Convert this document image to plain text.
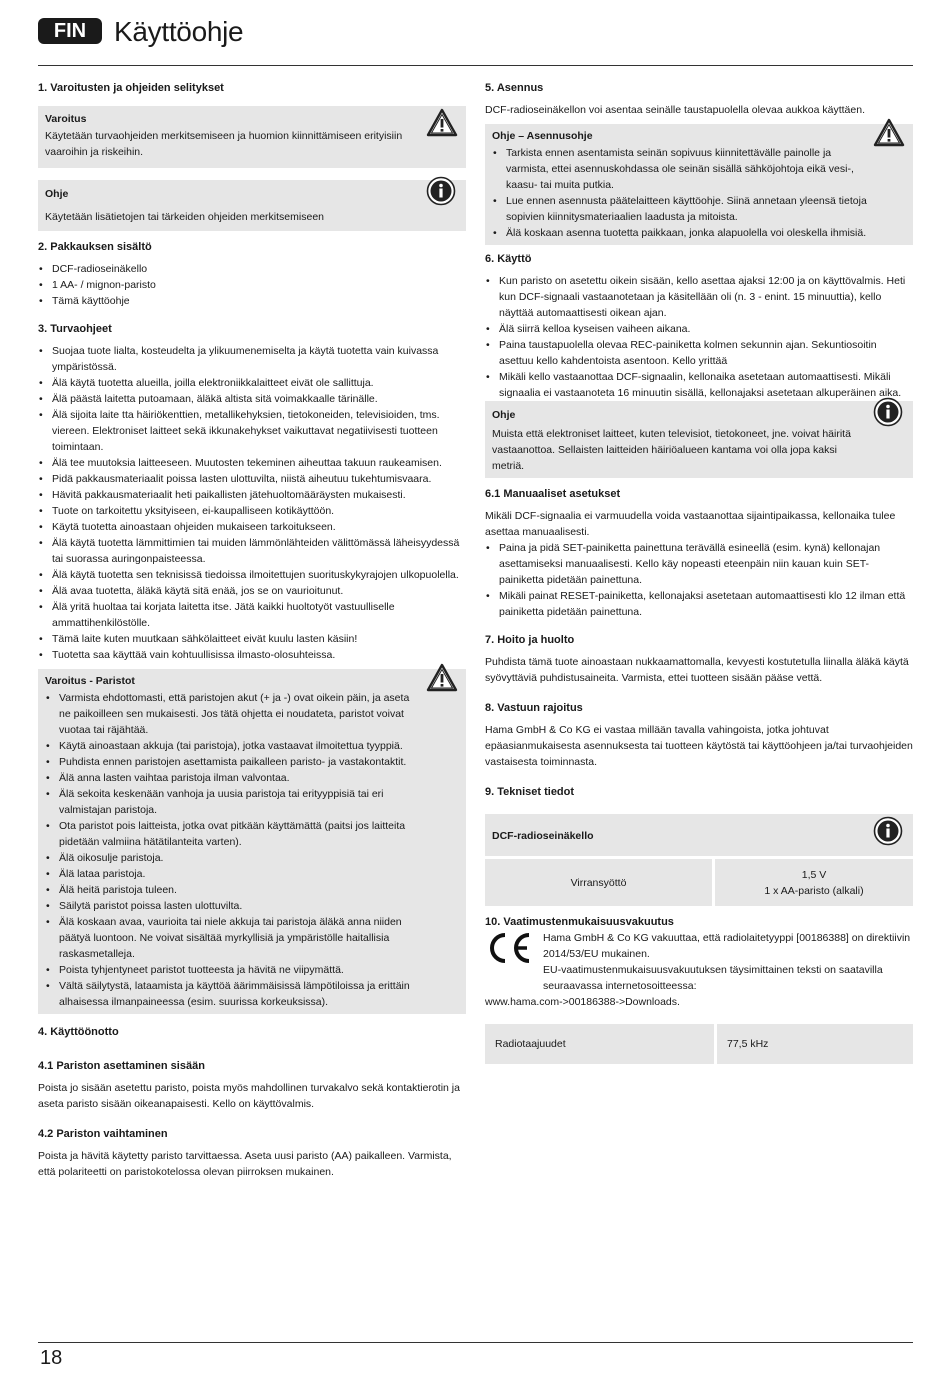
FIN Käyttöohje
1. Varoitusten ja ohjeiden selitykset
Varoitus

Käytetään turvaohjeiden merkitsemiseen ja huomion kiinnittämiseen erityisiin vaaroihin ja riskeihin.

Ohje

Käytetään lisätietojen tai tärkeiden ohjeiden merkitsemiseen

2. Pakkauksen sisältö
• DCF-radioseinäkello
• 1 AA- / mignon-paristo
• Tämä käyttöohje
3. Turvaohjeet
• Suojaa tuote lialta, kosteudelta ja ylikuumenemiselta ja käytä tuotetta vain kuivassa ympäristössä.
• Älä käytä tuotetta alueilla, joilla elektroniikkalaitteet eivät ole sallittuja.
• Älä päästä laitetta putoamaan, äläkä altista sitä voimakkaalle tärinälle.
• Älä sijoita laite tta häiriökenttien, metallikehyksien, tietokoneiden, televisioiden, tms. viereen. Elektroniset laitteet sekä ikkunakehykset vaikuttavat negatiivisesti tuotteen toimintaan.
• Älä tee muutoksia laitteeseen. Muutosten tekeminen aiheuttaa takuun raukeamisen.
• Pidä pakkausmateriaalit poissa lasten ulottuvilta, niistä aiheutuu tukehtumisvaara.
• Hävitä pakkausmateriaalit heti paikallisten jätehuoltomääräysten mukaisesti.
• Tuote on tarkoitettu yksityiseen, ei-kaupalliseen kotikäyttöön.
• Käytä tuotetta ainoastaan ohjeiden mukaiseen tarkoitukseen.
• Älä käytä tuotetta lämmittimien tai muiden lämmönlähteiden välittömässä läheisyydessä tai suorassa auringonpaisteessa.
• Älä käytä tuotetta sen teknisissä tiedoissa ilmoitettujen suorituskykyrajojen ulkopuolella.
• Älä avaa tuotetta, äläkä käytä sitä enää, jos se on vaurioitunut.
• Älä yritä huoltaa tai korjata laitetta itse. Jätä kaikki huoltotyöt vastuulliselle ammattihenkilöstölle.
• Tämä laite kuten muutkaan sähkölaitteet eivät kuulu lasten käsiin!
• Tuotetta saa käyttää vain kohtuullisissa ilmasto-olosuhteissa.
Varoitus - Paristot
• Varmista ehdottomasti, että paristojen akut (+ ja -) ovat oikein päin, ja aseta ne paikoilleen sen mukaisesti. Jos tätä ohjetta ei noudateta, paristot voivat vuotaa tai räjähtää.
• Käytä ainoastaan akkuja (tai paristoja), jotka vastaavat ilmoitettua tyyppiä.
• Puhdista ennen paristojen asettamista paikalleen paristo- ja vastakontaktit.
• Älä anna lasten vaihtaa paristoja ilman valvontaa.
• Älä sekoita keskenään vanhoja ja uusia paristoja tai erityyppisiä tai eri valmistajan paristoja.
• Ota paristot pois laitteista, jotka ovat pitkään käyttämättä (paitsi jos laitteita pidetään valmiina hätätilanteita varten).
• Älä oikosulje paristoja.
• Älä lataa paristoja.
• Älä heitä paristoja tuleen.
• Säilytä paristot poissa lasten ulottuvilta.
• Älä koskaan avaa, vaurioita tai niele akkuja tai paristoja äläkä anna niiden päätyä luontoon. Ne voivat sisältää myrkyllisiä ja ympäristölle haitallisia raskasmetalleja.
• Poista tyhjentyneet paristot tuotteesta ja hävitä ne viipymättä.
• Vältä säilytystä, lataamista ja käyttöä äärimmäisissä lämpötiloissa ja erittäin alhaisessa ilmanpaineessa (esim. suurissa korkeuksissa).
4. Käyttöönotto
4.1 Pariston asettaminen sisään

Poista jo sisään asetettu paristo, poista myös mahdollinen turvakalvo sekä kontaktierotin ja aseta paristo sisään oikeanapaisesti. Kello on käyttövalmis.

4.2 Pariston vaihtaminen

Poista ja hävitä käytetty paristo tarvittaessa. Aseta uusi paristo (AA) paikalleen. Varmista, että polariteetti on paristokotelossa olevan piirroksen mukainen.

5. Asennus

DCF-radioseinäkellon voi asentaa seinälle taustapuolella olevaa aukkoa käyttäen.

Ohje – Asennusohje
• Tarkista ennen asentamista seinän sopivuus kiinnitettävälle painolle ja varmista, ettei asennuskohdassa ole seinän sisällä sähköjohtoja eikä vesi-, kaasu- tai muita putkia.
• Lue ennen asennusta päätelaitteen käyttöohje. Siinä annetaan yleensä tietoja sopivien kiinnitysmateriaalien laadusta ja mitoista.
• Älä koskaan asenna tuotetta paikkaan, jonka alapuolella voi oleskella ihmisiä.
6. Käyttö
• Kun paristo on asetettu oikein sisään, kello asettaa ajaksi 12:00 ja on käyttövalmis. Heti kun DCF-signaali vastaanotetaan ja käsitellään oli (n. 3 - enint. 15 minuuttia), kello näyttää automaattisesti oikean ajan.
• Älä siirrä kelloa kyseisen vaiheen aikana.
• Paina taustapuolella olevaa REC-painiketta kolmen sekunnin ajan. Sekuntiosoitin asettuu kello kahdentoista asentoon. Kello yrittää
• Mikäli kello vastaanottaa DCF-signaalin, kellonaika asetetaan automaattisesti. Mikäli signaalia ei vastaanoteta 16 minuutin sisällä, kellonajaksi asetetaan alkuperäinen aika.
Ohje

Muista että elektroniset laitteet, kuten televisiot, tietokoneet, jne. voivat häiritä vastaanottoa. Sellaisten laitteiden häiriöalueen kantama voi olla jopa kaksi metriä.

6.1 Manuaaliset asetukset

Mikäli DCF-signaalia ei varmuudella voida vastaanottaa sijaintipaikassa, kellonaika tulee asettaa manuaalisesti.

• Paina ja pidä SET-painiketta painettuna terävällä esineellä (esim. kynä) kellonajan asettamiseksi manuaalisesti. Kello käy nopeasti eteenpäin niin kauan kuin SET-painiketta pidetään painettuna.
• Mikäli painat RESET-painiketta, kellonajaksi asetetaan automaattisesti klo 12 ilman että painiketta pidetään painettuna.
7. Hoito ja huolto

Puhdista tämä tuote ainoastaan nukkaamattomalla, kevyesti kostutetulla liinalla äläkä käytä syövyttäviä puhdistusaineita. Varmista, ettei tuotteen sisään pääse vettä.

8. Vastuun rajoitus

Hama GmbH & Co KG ei vastaa millään tavalla vahingoista, jotka johtuvat epäasianmukaisesta asennuksesta tai tuotteen käytöstä tai käyttöohjeen ja/tai turvaohjeiden vastaisesta toiminnasta.

9. Tekniset tiedot
DCF-radioseinäkello
Virransyöttö
1,5 V
1 x AA-paristo (alkali)
10. Vaatimustenmukaisuusvakuutus

Hama GmbH & Co KG vakuuttaa, että radiolaitetyyppi [00186388] on direktiivin 2014/53/EU mukainen.

EU-vaatimustenmukaisuusvakuutuksen täysimittainen teksti on saatavilla seuraavassa internetosoitteessa:

www.hama.com->00186388->Downloads.

Radiotaajuudet	77,5 kHz
18
